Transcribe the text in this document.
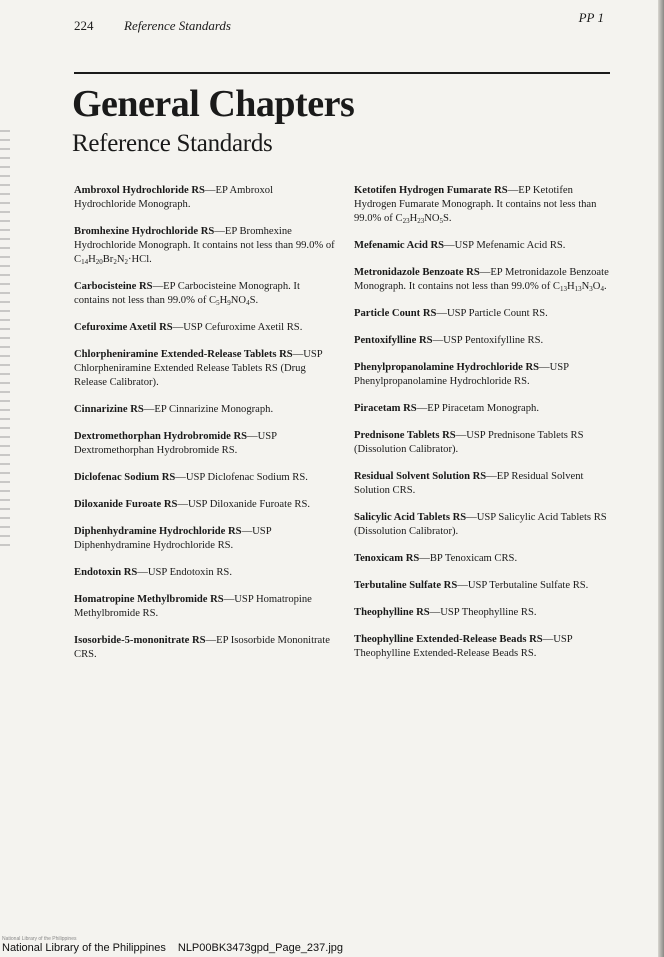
224 Reference Standards
PP 1
General Chapters
Reference Standards

Ambroxol Hydrochloride RS—EP Ambroxol Hydrochloride Monograph.

Bromhexine Hydrochloride RS—EP Bromhexine Hydrochloride Monograph. It contains not less than 99.0% of $C_{14}H_{20}Br_2N_2\cdot HCl$.

Carbocisteine RS—EP Carbocisteine Monograph. It contains not less than 99.0% of $C_5H_9NO_4S$.

Cefuroxime Axetil RS—USP Cefuroxime Axetil RS.

Chlorpheniramine Extended-Release Tablets RS—USP Chlorpheniramine Extended Release Tablets RS (Drug Release Calibrator).

Cinnarizine RS—EP Cinnarizine Monograph.

Dextromethorphan Hydrobromide RS—USP Dextromethorphan Hydrobromide RS.

Diclofenac Sodium RS—USP Diclofenac Sodium RS.

Diloxanide Furoate RS—USP Diloxanide Furoate RS.

Diphenhydramine Hydrochloride RS—USP Diphenhydramine Hydrochloride RS.

Endotoxin RS—USP Endotoxin RS.

Homatropine Methylbromide RS—USP Homatropine Methylbromide RS.

Isosorbide-5-mononitrate RS—EP Isosorbide Mononitrate CRS.

Ketotifen Hydrogen Fumarate RS—EP Ketotifen Hydrogen Fumarate Monograph. It contains not less than 99.0% of $C_{23}H_{23}NO_5S$.

Mefenamic Acid RS—USP Mefenamic Acid RS.

Metronidazole Benzoate RS—EP Metronidazole Benzoate Monograph. It contains not less than 99.0% of $C_{13}H_{13}N_3O_4$.

Particle Count RS—USP Particle Count RS.

Pentoxifylline RS—USP Pentoxifylline RS.

Phenylpropanolamine Hydrochloride RS—USP Phenylpropanolamine Hydrochloride RS.

Piracetam RS—EP Piracetam Monograph.

Prednisone Tablets RS—USP Prednisone Tablets RS (Dissolution Calibrator).

Residual Solvent Solution RS—EP Residual Solvent Solution CRS.

Salicylic Acid Tablets RS—USP Salicylic Acid Tablets RS (Dissolution Calibrator).

Tenoxicam RS—BP Tenoxicam CRS.

Terbutaline Sulfate RS—USP Terbutaline Sulfate RS.

Theophylline RS—USP Theophylline RS.

Theophylline Extended-Release Beads RS—USP Theophylline Extended-Release Beads RS.

National Library of the Philippines
National Library of the Philippines NLP00BK3473gpd_Page_237.jpg
